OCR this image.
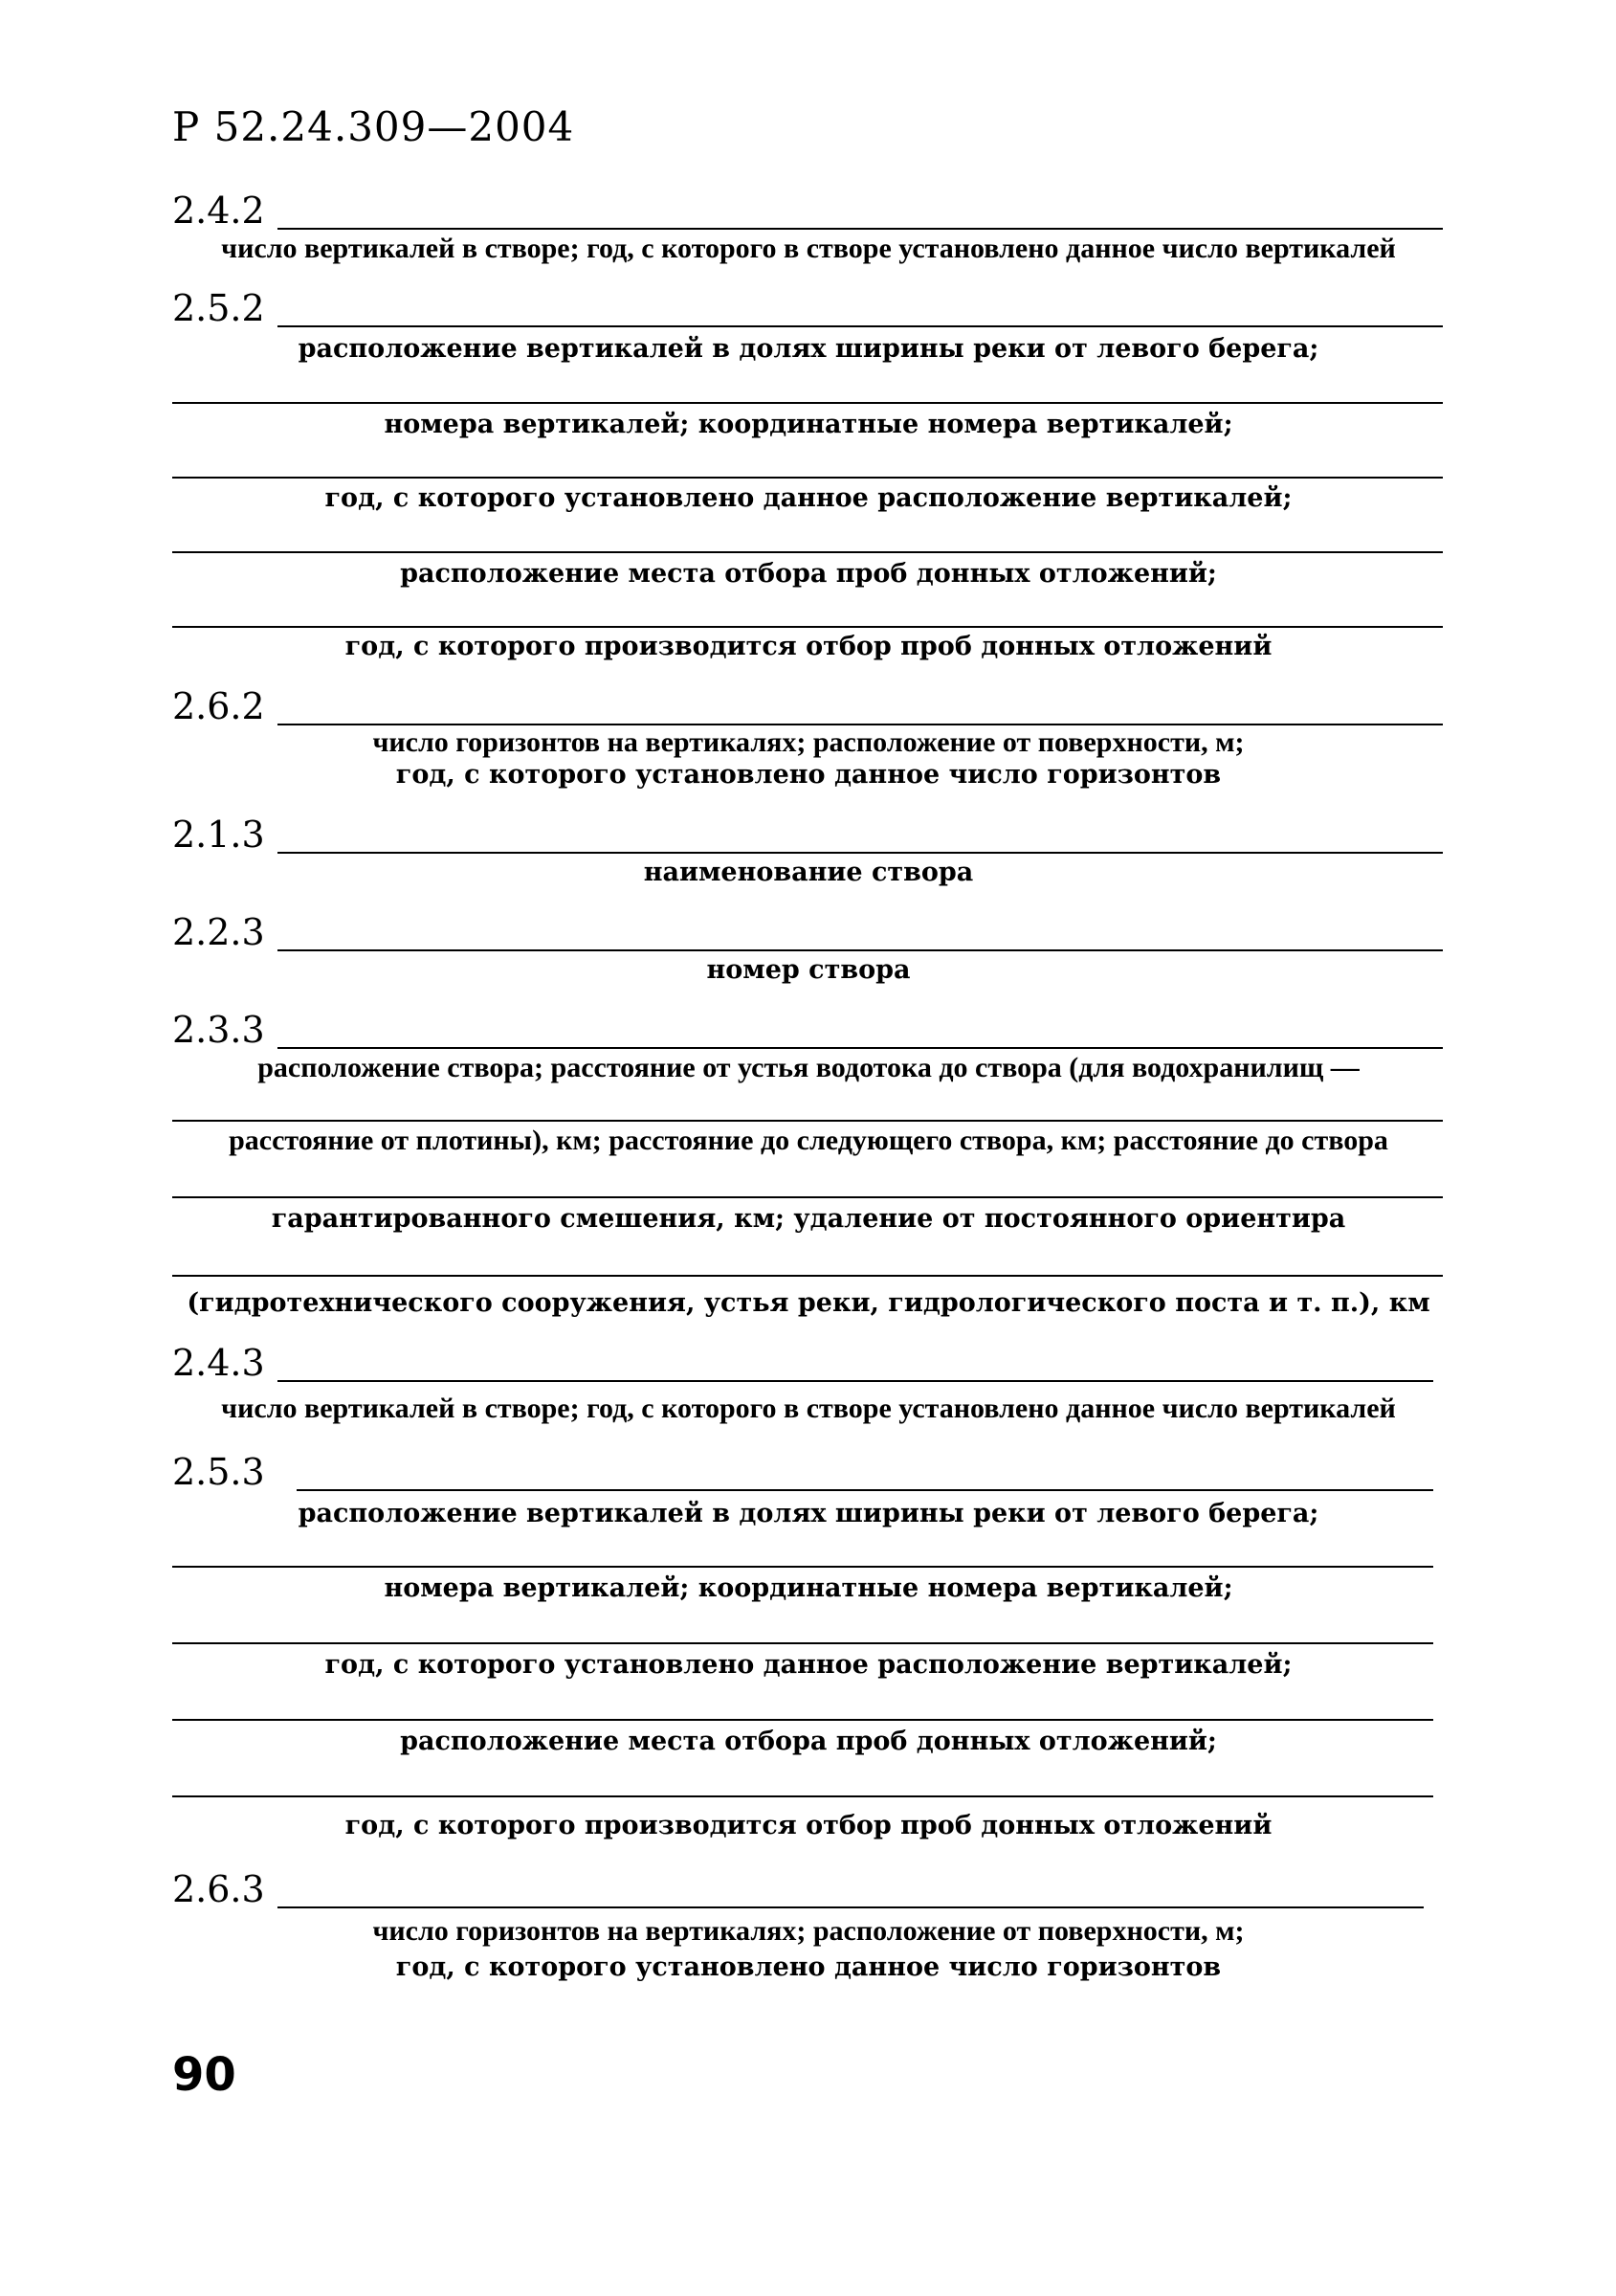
Р 52.24.309—2004
2.4.2
число вертикалей в створе; год, с которого в створе установлено данное число вертикалей
2.5.2
расположение вертикалей в долях ширины реки от левого берега;
номера вертикалей; координатные номера вертикалей;
год, с которого установлено данное расположение вертикалей;
расположение места отбора проб донных отложений;
год, с которого производится отбор проб донных отложений
2.6.2
число горизонтов на вертикалях; расположение от поверхности, м;
год, с которого установлено данное число горизонтов
2.1.3
наименование створа
2.2.3
номер створа
2.3.3
расположение створа; расстояние от устья водотока до створа (для водохранилищ —
расстояние от плотины), км; расстояние до следующего створа, км; расстояние до створа
гарантированного смешения, км; удаление от постоянного ориентира
(гидротехнического сооружения, устья реки, гидрологического поста и т. п.), км
2.4.3
число вертикалей в створе; год, с которого в створе установлено данное число вертикалей
2.5.3
расположение вертикалей в долях ширины реки от левого берега;
номера вертикалей; координатные номера вертикалей;
год, с которого установлено данное расположение вертикалей;
расположение места отбора проб донных отложений;
год, с которого производится отбор проб донных отложений
2.6.3
число горизонтов на вертикалях; расположение от поверхности, м;
год, с которого установлено данное число горизонтов
90
